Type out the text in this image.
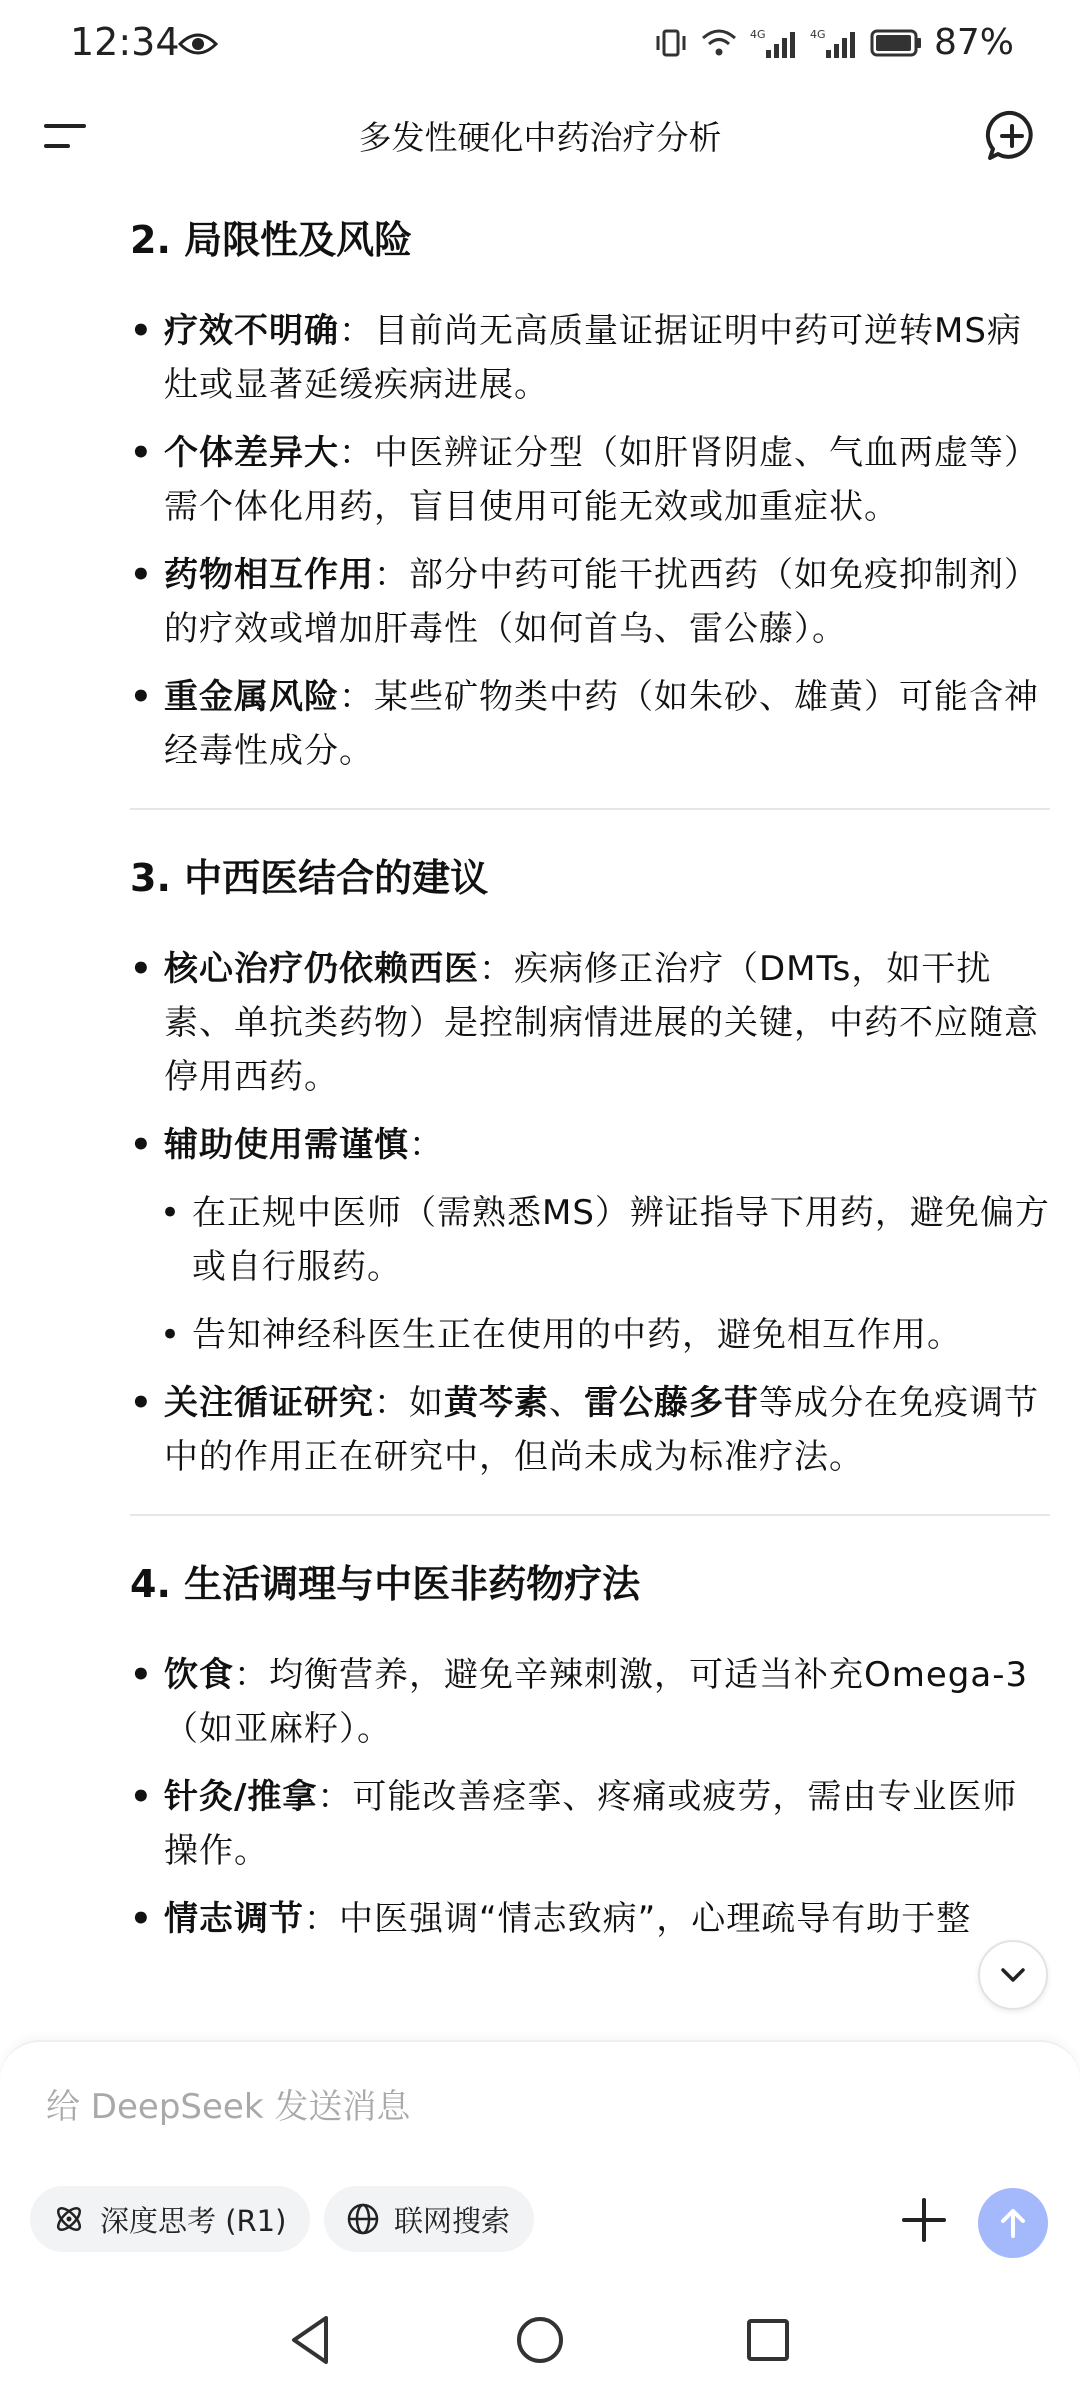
12:34	4G	4G	87%
多发性硬化中药治疗分析
2. 局限性及风险
• 疗效不明确：目前尚无高质量证据证明中药可逆转MS病灶或显著延缓疾病进展。
• 个体差异大：中医辨证分型（如肝肾阴虚、气血两虚等）需个体化用药，盲目使用可能无效或加重症状。
• 药物相互作用：部分中药可能干扰西药（如免疫抑制剂）的疗效或增加肝毒性（如何首乌、雷公藤）。
• 重金属风险：某些矿物类中药（如朱砂、雄黄）可能含神经毒性成分。
3. 中西医结合的建议
• 核心治疗仍依赖西医：疾病修正治疗（DMTs，如干扰素、单抗类药物）是控制病情进展的关键，中药不应随意停用西药。
• 辅助使用需谨慎：
• 在正规中医师（需熟悉MS）辨证指导下用药，避免偏方或自行服药。
• 告知神经科医生正在使用的中药，避免相互作用。
• 关注循证研究：如黄芩素、雷公藤多苷等成分在免疫调节中的作用正在研究中，但尚未成为标准疗法。
4. 生活调理与中医非药物疗法
• 饮食：均衡营养，避免辛辣刺激，可适当补充Omega-3（如亚麻籽）。
• 针灸/推拿：可能改善痉挛、疼痛或疲劳，需由专业医师操作。
• 情志调节：中医强调“情志致病”，心理疏导有助于整
给 DeepSeek 发送消息
深度思考 (R1)	联网搜索
